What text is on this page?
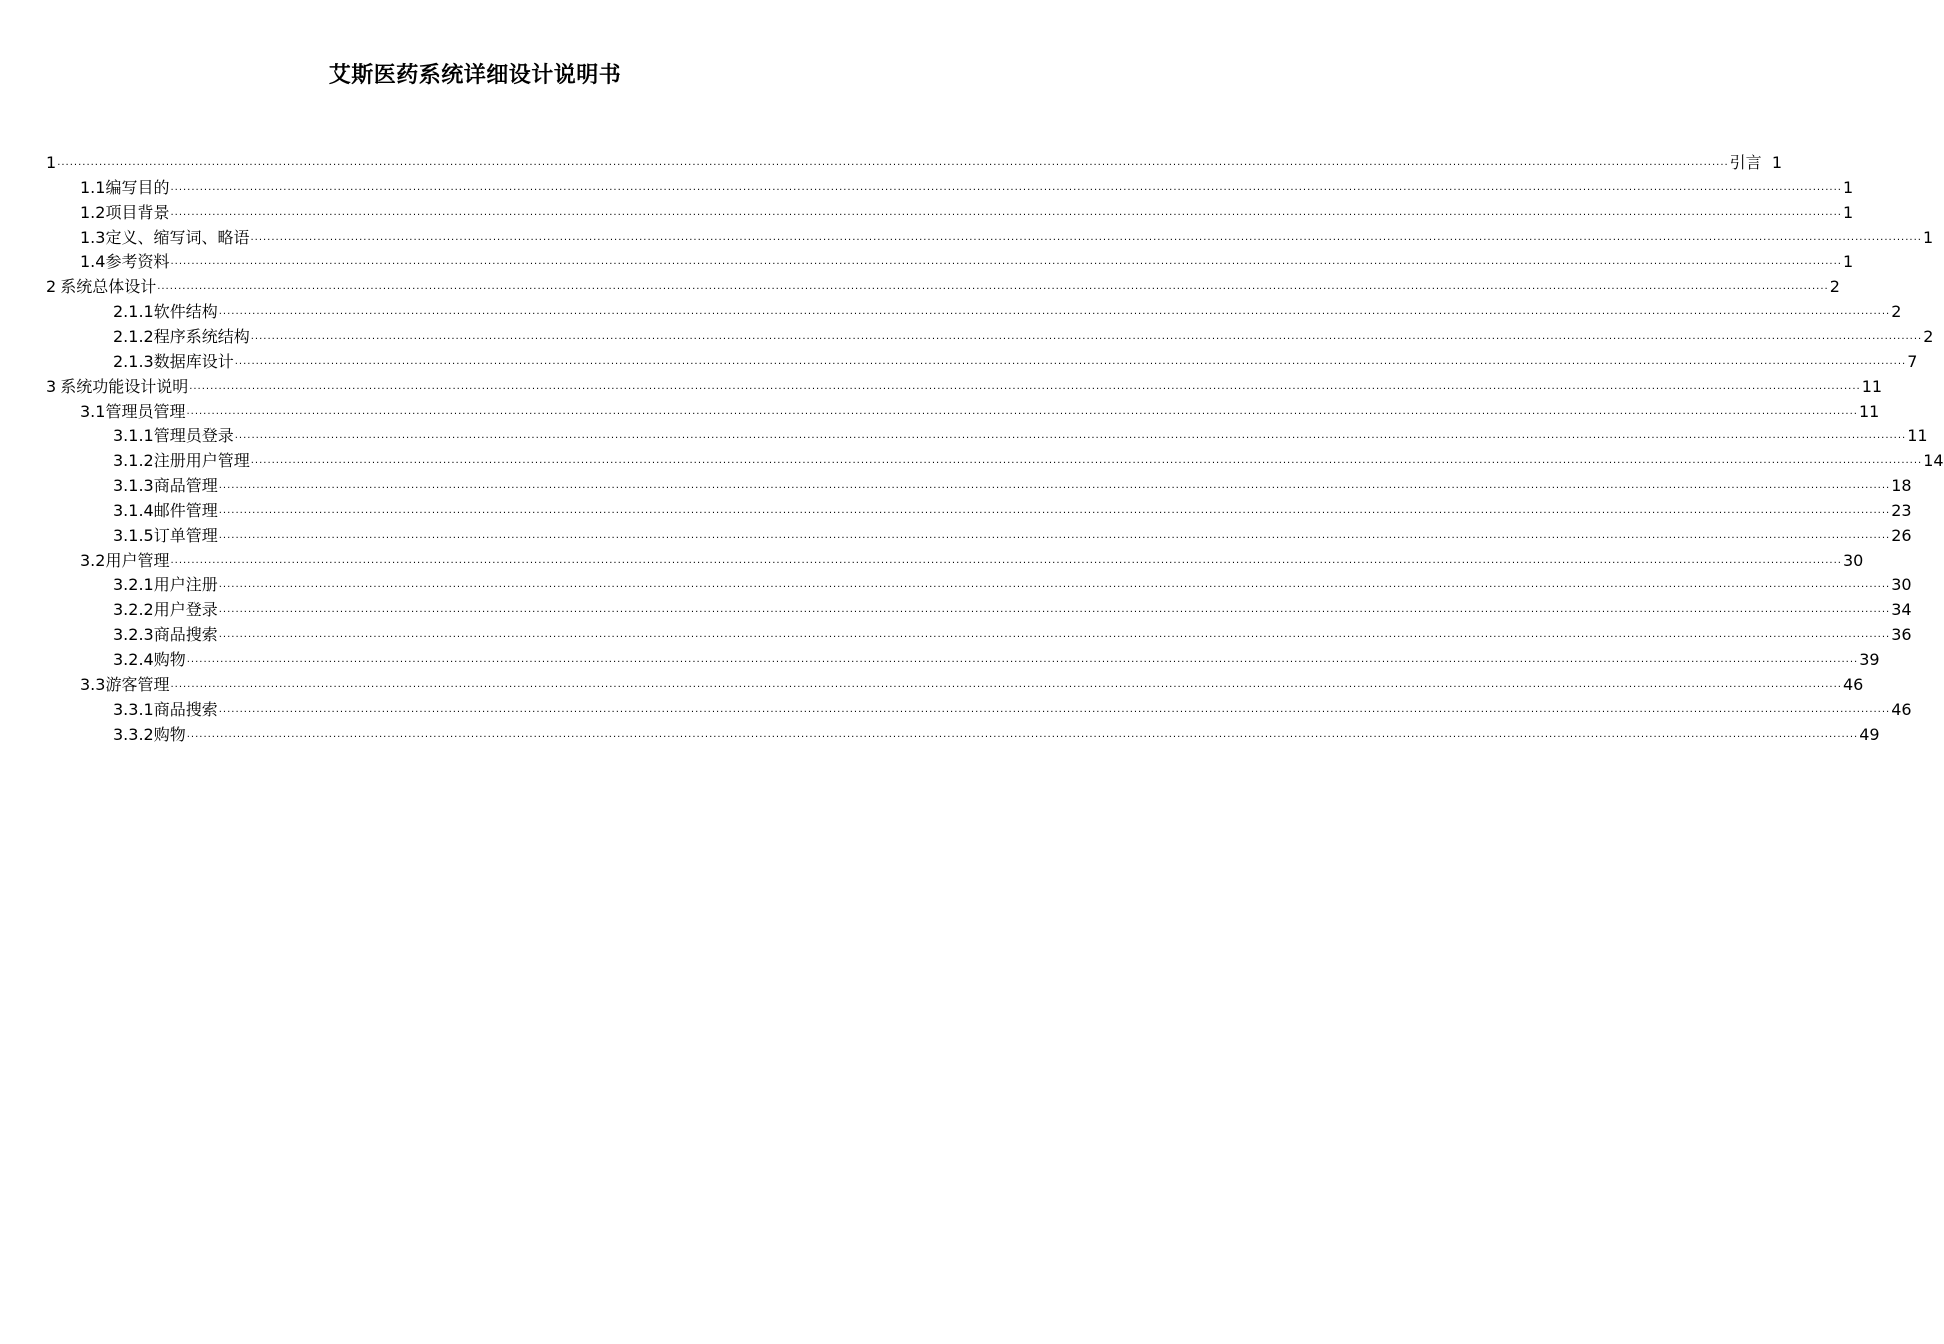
艾斯医药系统详细设计说明书
1 ................................................................................................................................................................................................................................................................................................................................................................................................................ 引言  1
1.1 编写目的 ................................................................................................................................................................................................................................................................................................................................................................................................................ 1
1.2 项目背景 ................................................................................................................................................................................................................................................................................................................................................................................................................ 1
1.3 定义、缩写词、略语 ................................................................................................................................................................................................................................................................................................................................................................................................................ 1
1.4 参考资料 ................................................................................................................................................................................................................................................................................................................................................................................................................ 1
2 系统总体设计 ................................................................................................................................................................................................................................................................................................................................................................................................................ 2
2.1.1 软件结构 ................................................................................................................................................................................................................................................................................................................................................................................................................ 2
2.1.2 程序系统结构 ................................................................................................................................................................................................................................................................................................................................................................................................................ 2
2.1.3 数据库设计 ................................................................................................................................................................................................................................................................................................................................................................................................................ 7
3 系统功能设计说明 ................................................................................................................................................................................................................................................................................................................................................................................................................ 11
3.1 管理员管理 ................................................................................................................................................................................................................................................................................................................................................................................................................ 11
3.1.1 管理员登录 ................................................................................................................................................................................................................................................................................................................................................................................................................ 11
3.1.2 注册用户管理 ................................................................................................................................................................................................................................................................................................................................................................................................................ 14
3.1.3 商品管理 ................................................................................................................................................................................................................................................................................................................................................................................................................ 18
3.1.4 邮件管理 ................................................................................................................................................................................................................................................................................................................................................................................................................ 23
3.1.5 订单管理 ................................................................................................................................................................................................................................................................................................................................................................................................................ 26
3.2 用户管理 ................................................................................................................................................................................................................................................................................................................................................................................................................ 30
3.2.1 用户注册 ................................................................................................................................................................................................................................................................................................................................................................................................................ 30
3.2.2 用户登录 ................................................................................................................................................................................................................................................................................................................................................................................................................ 34
3.2.3 商品搜索 ................................................................................................................................................................................................................................................................................................................................................................................................................ 36
3.2.4 购物 ................................................................................................................................................................................................................................................................................................................................................................................................................ 39
3.3 游客管理 ................................................................................................................................................................................................................................................................................................................................................................................................................ 46
3.3.1 商品搜索 ................................................................................................................................................................................................................................................................................................................................................................................................................ 46
3.3.2 购物 ................................................................................................................................................................................................................................................................................................................................................................................................................ 49
